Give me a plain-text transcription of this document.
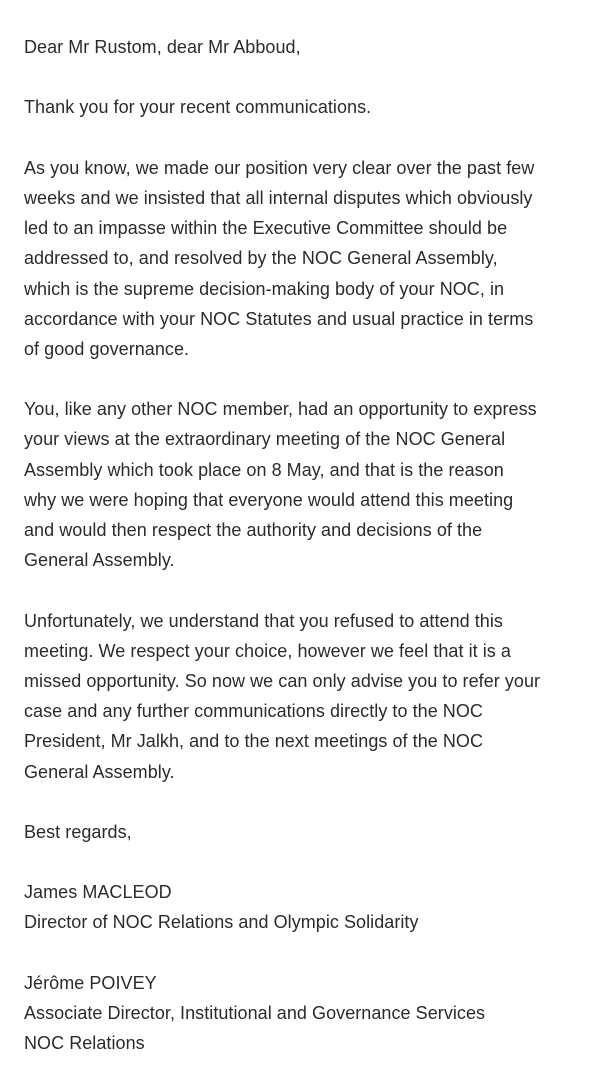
Dear Mr Rustom, dear Mr Abboud,
Thank you for your recent communications.
As you know, we made our position very clear over the past few
weeks and we insisted that all internal disputes which obviously
led to an impasse within the Executive Committee should be
addressed to, and resolved by the NOC General Assembly,
which is the supreme decision-making body of your NOC, in
accordance with your NOC Statutes and usual practice in terms
of good governance.
You, like any other NOC member, had an opportunity to express
your views at the extraordinary meeting of the NOC General
Assembly which took place on 8 May, and that is the reason
why we were hoping that everyone would attend this meeting
and would then respect the authority and decisions of the
General Assembly.
Unfortunately, we understand that you refused to attend this
meeting. We respect your choice, however we feel that it is a
missed opportunity. So now we can only advise you to refer your
case and any further communications directly to the NOC
President, Mr Jalkh, and to the next meetings of the NOC
General Assembly.
Best regards,
James MACLEOD
Director of NOC Relations and Olympic Solidarity
Jérôme POIVEY
Associate Director, Institutional and Governance Services
NOC Relations
